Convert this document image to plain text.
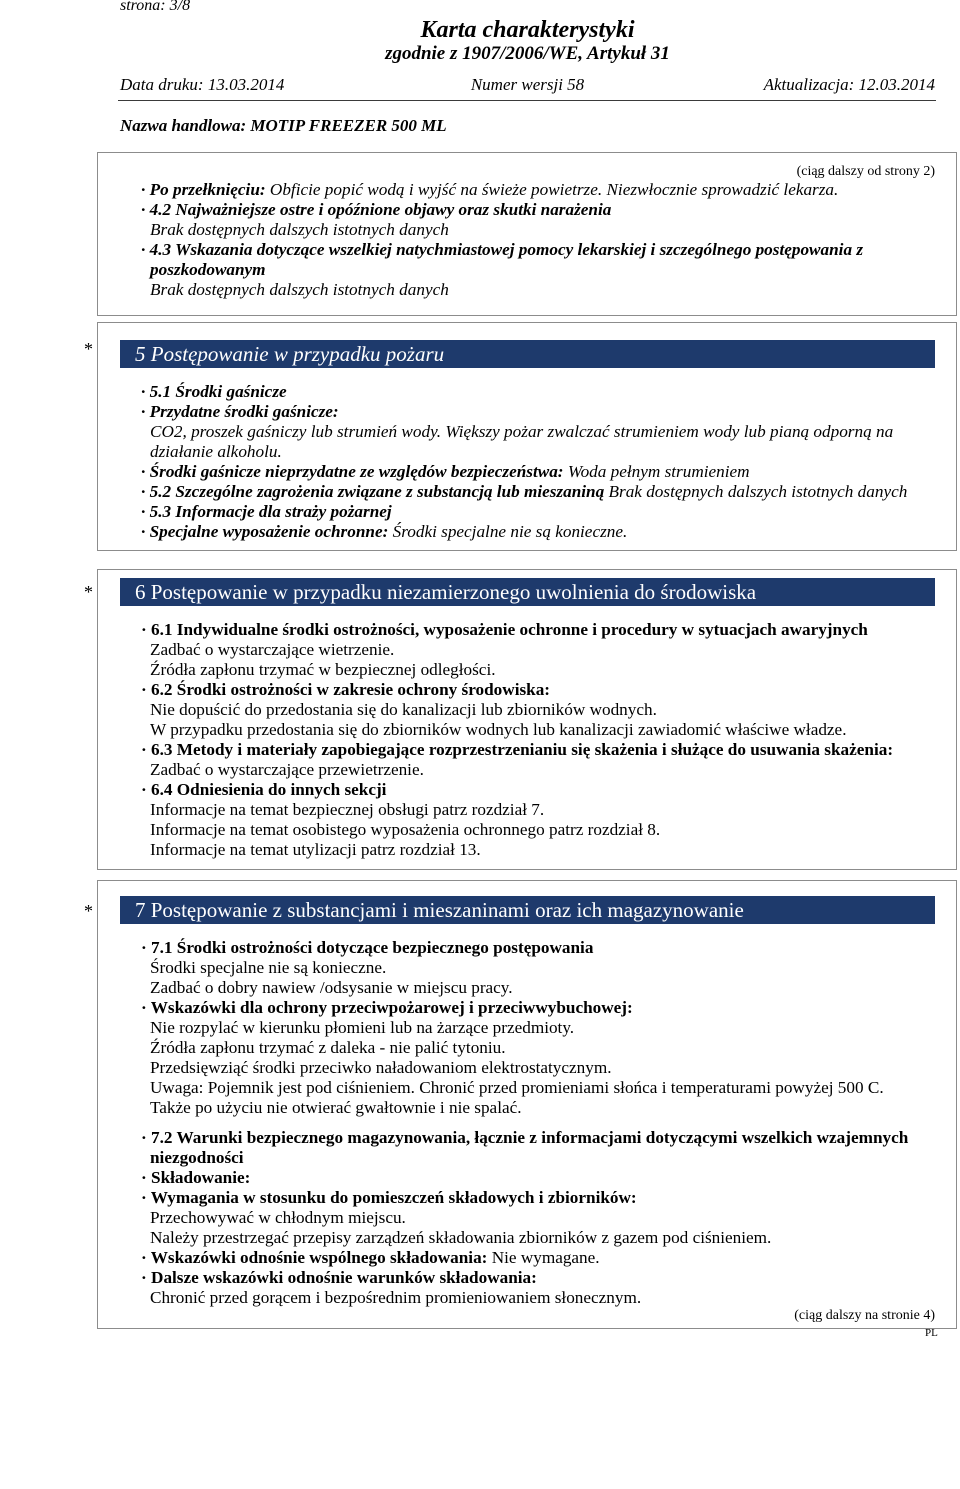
strona: 3/8
Karta charakterystyki
zgodnie z 1907/2006/WE, Artykuł 31
Data druku: 13.03.2014	Numer wersji 58	Aktualizacja: 12.03.2014
Nazwa handlowa: MOTIP FREEZER 500 ML
(ciąg dalszy od strony 2)
· Po przełknięciu: Obficie popić wodą i wyjść na świeże powietrze. Niezwłocznie sprowadzić lekarza.
· 4.2 Najważniejsze ostre i opóźnione objawy oraz skutki narażenia
Brak dostępnych dalszych istotnych danych
· 4.3 Wskazania dotyczące wszelkiej natychmiastowej pomocy lekarskiej i szczególnego postępowania z
poszkodowanym
Brak dostępnych dalszych istotnych danych
*	5 Postępowanie w przypadku pożaru
· 5.1 Środki gaśnicze
· Przydatne środki gaśnicze:
CO2, proszek gaśniczy lub strumień wody. Większy pożar zwalczać strumieniem wody lub pianą odporną na
działanie alkoholu.
· Środki gaśnicze nieprzydatne ze względów bezpieczeństwa: Woda pełnym strumieniem
· 5.2 Szczególne zagrożenia związane z substancją lub mieszaniną Brak dostępnych dalszych istotnych danych
· 5.3 Informacje dla straży pożarnej
· Specjalne wyposażenie ochronne: Środki specjalne nie są konieczne.
*	6 Postępowanie w przypadku niezamierzonego uwolnienia do środowiska
· 6.1 Indywidualne środki ostrożności, wyposażenie ochronne i procedury w sytuacjach awaryjnych
Zadbać o wystarczające wietrzenie.
Źródła zapłonu trzymać w bezpiecznej odległości.
· 6.2 Środki ostrożności w zakresie ochrony środowiska:
Nie dopuścić do przedostania się do kanalizacji lub zbiorników wodnych.
W przypadku przedostania się do zbiorników wodnych lub kanalizacji zawiadomić właściwe władze.
· 6.3 Metody i materiały zapobiegające rozprzestrzenianiu się skażenia i służące do usuwania skażenia:
Zadbać o wystarczające przewietrzenie.
· 6.4 Odniesienia do innych sekcji
Informacje na temat bezpiecznej obsługi patrz rozdział 7.
Informacje na temat osobistego wyposażenia ochronnego patrz rozdział 8.
Informacje na temat utylizacji patrz rozdział 13.
*	7 Postępowanie z substancjami i mieszaninami oraz ich magazynowanie
· 7.1 Środki ostrożności dotyczące bezpiecznego postępowania
Środki specjalne nie są konieczne.
Zadbać o dobry nawiew /odsysanie w miejscu pracy.
· Wskazówki dla ochrony przeciwpożarowej i przeciwwybuchowej:
Nie rozpylać w kierunku płomieni lub na żarzące przedmioty.
Źródła zapłonu trzymać z daleka - nie palić tytoniu.
Przedsięwziąć środki przeciwko naładowaniom elektrostatycznym.
Uwaga: Pojemnik jest pod ciśnieniem. Chronić przed promieniami słońca i temperaturami powyżej 500 C.
Także po użyciu nie otwierać gwałtownie i nie spalać.
· 7.2 Warunki bezpiecznego magazynowania, łącznie z informacjami dotyczącymi wszelkich wzajemnych
niezgodności
· Składowanie:
· Wymagania w stosunku do pomieszczeń składowych i zbiorników:
Przechowywać w chłodnym miejscu.
Należy przestrzegać przepisy zarządzeń składowania zbiorników z gazem pod ciśnieniem.
· Wskazówki odnośnie wspólnego składowania: Nie wymagane.
· Dalsze wskazówki odnośnie warunków składowania:
Chronić przed gorącem i bezpośrednim promieniowaniem słonecznym.
(ciąg dalszy na stronie 4)
PL
